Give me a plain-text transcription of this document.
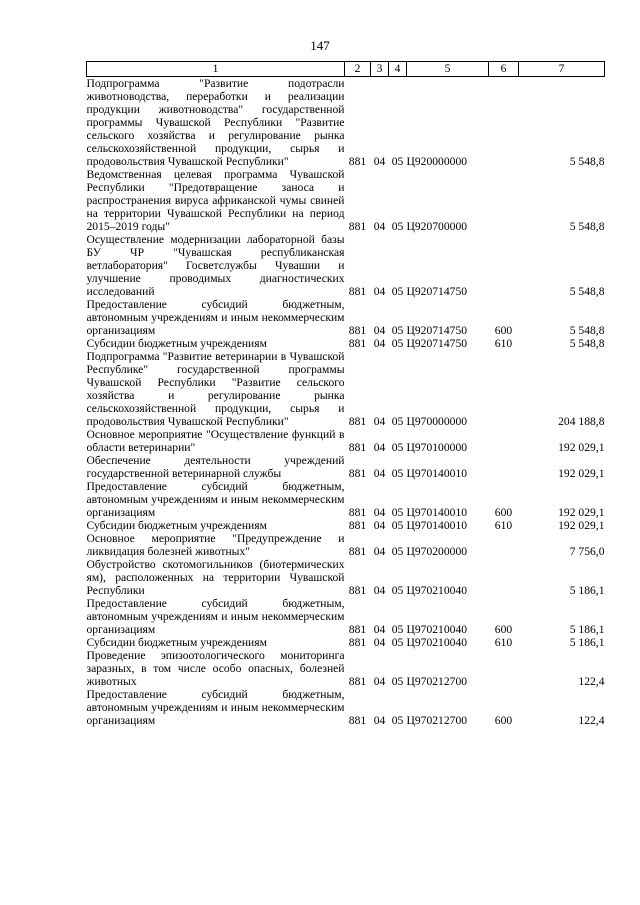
147
1	2	3	4	5	6	7
Подпрограмма "Развитие подотрасли животноводства, переработки и реализации продукции животноводства" государственной программы Чувашской Республики "Развитие сельского хозяйства и регулирование рынка сельскохозяйственной продукции, сырья и продовольствия Чувашской Республики"	881	04	05	Ц920000000		5 548,8
Ведомственная целевая программа Чувашской Республики "Предотвращение заноса и распространения вируса африканской чумы свиней на территории Чувашской Республики на период 2015–2019 годы"	881	04	05	Ц920700000		5 548,8
Осуществление модернизации лабораторной базы БУ ЧР "Чувашская республиканская ветлаборатория" Госветслужбы Чувашии и улучшение проводимых диагностических исследований	881	04	05	Ц920714750		5 548,8
Предоставление субсидий бюджетным, автономным учреждениям и иным некоммерческим организациям	881	04	05	Ц920714750	600	5 548,8
Субсидии бюджетным учреждениям	881	04	05	Ц920714750	610	5 548,8
Подпрограмма "Развитие ветеринарии в Чувашской Республике" государственной программы Чувашской Республики "Развитие сельского хозяйства и регулирование рынка сельскохозяйственной продукции, сырья и продовольствия Чувашской Республики"	881	04	05	Ц970000000		204 188,8
Основное мероприятие "Осуществление функций в области ветеринарии"	881	04	05	Ц970100000		192 029,1
Обеспечение деятельности учреждений государственной ветеринарной службы	881	04	05	Ц970140010		192 029,1
Предоставление субсидий бюджетным, автономным учреждениям и иным некоммерческим организациям	881	04	05	Ц970140010	600	192 029,1
Субсидии бюджетным учреждениям	881	04	05	Ц970140010	610	192 029,1
Основное мероприятие "Предупреждение и ликвидация болезней животных"	881	04	05	Ц970200000		7 756,0
Обустройство скотомогильников (биотермических ям), расположенных на территории Чувашской Республики	881	04	05	Ц970210040		5 186,1
Предоставление субсидий бюджетным, автономным учреждениям и иным некоммерческим организациям	881	04	05	Ц970210040	600	5 186,1
Субсидии бюджетным учреждениям	881	04	05	Ц970210040	610	5 186,1
Проведение эпизоотологического мониторинга заразных, в том числе особо опасных, болезней животных	881	04	05	Ц970212700		122,4
Предоставление субсидий бюджетным, автономным учреждениям и иным некоммерческим организациям	881	04	05	Ц970212700	600	122,4
